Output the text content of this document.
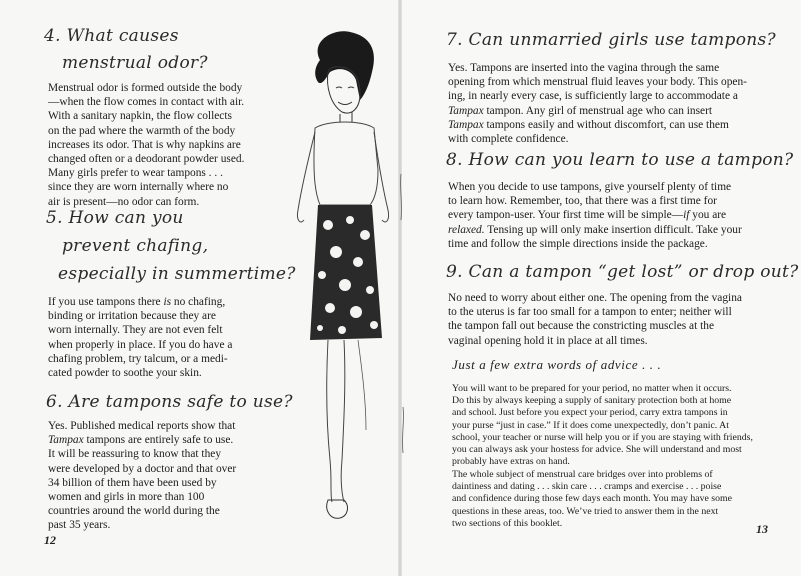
4. What causes
menstrual odor?
Menstrual odor is formed outside the body
—when the flow comes in contact with air.
With a sanitary napkin, the flow collects
on the pad where the warmth of the body
increases its odor. That is why napkins are
changed often or a deodorant powder used.
Many girls prefer to wear tampons . . .
since they are worn internally where no
air is present—no odor can form.
5. How can you
prevent chafing,
especially in summertime?
If you use tampons there is no chafing,
binding or irritation because they are
worn internally. They are not even felt
when properly in place. If you do have a
chafing problem, try talcum, or a medi-
cated powder to soothe your skin.
6. Are tampons safe to use?
Yes. Published medical reports show that
Tampax tampons are entirely safe to use.
It will be reassuring to know that they
were developed by a doctor and that over
34 billion of them have been used by
women and girls in more than 100
countries around the world during the
past 35 years.
12
7. Can unmarried girls use tampons?
Yes. Tampons are inserted into the vagina through the same
opening from which menstrual fluid leaves your body. This open-
ing, in nearly every case, is sufficiently large to accommodate a
Tampax tampon. Any girl of menstrual age who can insert
Tampax tampons easily and without discomfort, can use them
with complete confidence.
8. How can you learn to use a tampon?
When you decide to use tampons, give yourself plenty of time
to learn how. Remember, too, that there was a first time for
every tampon-user. Your first time will be simple—if you are
relaxed. Tensing up will only make insertion difficult. Take your
time and follow the simple directions inside the package.
9. Can a tampon “get lost” or drop out?
No need to worry about either one. The opening from the vagina
to the uterus is far too small for a tampon to enter; neither will
the tampon fall out because the constricting muscles at the
vaginal opening hold it in place at all times.
Just a few extra words of advice . . .
You will want to be prepared for your period, no matter when it occurs.
Do this by always keeping a supply of sanitary protection both at home
and school. Just before you expect your period, carry extra tampons in
your purse “just in case.” If it does come unexpectedly, don’t panic. At
school, your teacher or nurse will help you or if you are staying with friends,
you can always ask your hostess for advice. She will understand and most
probably have extras on hand.
The whole subject of menstrual care bridges over into problems of
daintiness and dating . . . skin care . . . cramps and exercise . . . poise
and confidence during those few days each month. You may have some
questions in these areas, too. We’ve tried to answer them in the next
two sections of this booklet.	13
